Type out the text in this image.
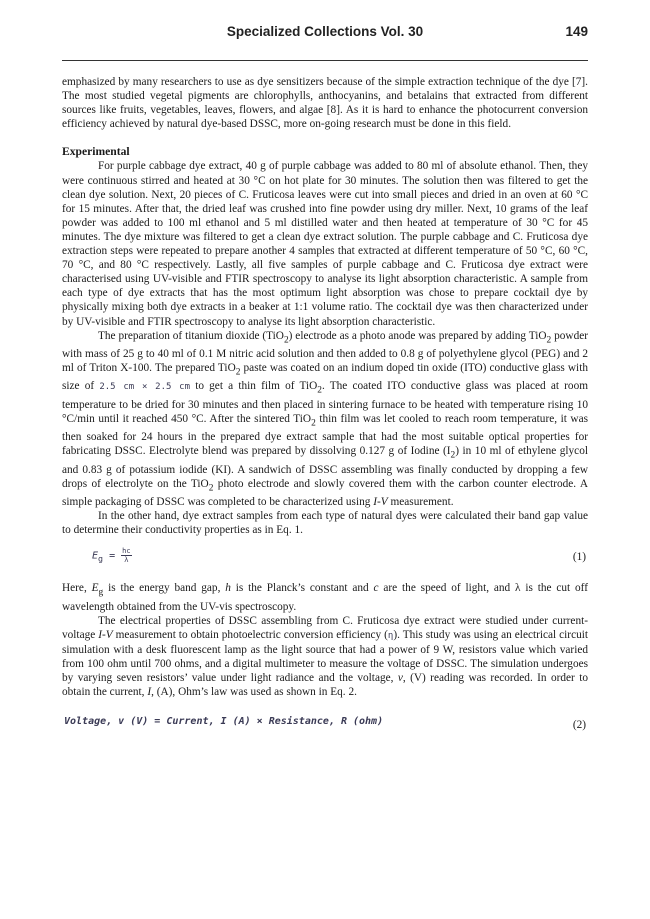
Specialized Collections Vol. 30	149

emphasized by many researchers to use as dye sensitizers because of the simple extraction technique of the dye [7]. The most studied vegetal pigments are chlorophylls, anthocyanins, and betalains that extracted from different sources like fruits, vegetables, leaves, flowers, and algae [8]. As it is hard to enhance the photocurrent conversion efficiency achieved by natural dye-based DSSC, more on-going research must be done in this field.

Experimental

For purple cabbage dye extract, 40 g of purple cabbage was added to 80 ml of absolute ethanol. Then, they were continuous stirred and heated at 30 °C on hot plate for 30 minutes. The solution then was filtered to get the clean dye solution. Next, 20 pieces of C. Fruticosa leaves were cut into small pieces and dried in an oven at 60 °C for 15 minutes. After that, the dried leaf was crushed into fine powder using dry miller. Next, 10 grams of the leaf powder was added to 100 ml ethanol and 5 ml distilled water and then heated at temperature of 30 °C for 45 minutes. The dye mixture was filtered to get a clean dye extract solution. The purple cabbage and C. Fruticosa dye extraction steps were repeated to prepare another 4 samples that extracted at different temperature of 50 °C, 60 °C, 70 °C, and 80 °C respectively. Lastly, all five samples of purple cabbage and C. Fruticosa dye extract were characterised using UV-visible and FTIR spectroscopy to analyse its light absorption characteristic. A sample from each type of dye extracts that has the most optimum light absorption was chose to prepare cocktail dye by physically mixing both dye extracts in a beaker at 1:1 volume ratio. The cocktail dye was then characterized under by UV-visible and FTIR spectroscopy to analyse its light absorption characteristic.

The preparation of titanium dioxide (TiO$_2$) electrode as a photo anode was prepared by adding TiO$_2$ powder with mass of 25 g to 40 ml of 0.1 M nitric acid solution and then added to 0.8 g of polyethylene glycol (PEG) and 2 ml of Triton X-100. The prepared TiO$_2$ paste was coated on an indium doped tin oxide (ITO) conductive glass with size of 2.5 cm × 2.5 cm to get a thin film of TiO$_2$. The coated ITO conductive glass was placed at room temperature to be dried for 30 minutes and then placed in sintering furnace to be heated with temperature rising 10 °C/min until it reached 450 °C. After the sintered TiO$_2$ thin film was let cooled to reach room temperature, it was then soaked for 24 hours in the prepared dye extract sample that had the most suitable optical properties for fabricating DSSC. Electrolyte blend was prepared by dissolving 0.127 g of Iodine $(I_2)$ in 10 ml of ethylene glycol and 0.83 g of potassium iodide (KI). A sandwich of DSSC assembling was finally conducted by dropping a few drops of electrolyte on the TiO$_2$ photo electrode and slowly covered them with the carbon counter electrode. A simple packaging of DSSC was completed to be characterized using I-V measurement.

In the other hand, dye extract samples from each type of natural dyes were calculated their band gap value to determine their conductivity properties as in Eq. 1.

$E_g = \frac{hc}{\lambda}$	(1)

Here, $E_g$ is the energy band gap, h is the Planck’s constant and c are the speed of light, and λ is the cut off wavelength obtained from the UV-vis spectroscopy.

The electrical properties of DSSC assembling from C. Fruticosa dye extract were studied under current-voltage I-V measurement to obtain photoelectric conversion efficiency (η). This study was using an electrical circuit simulation with a desk fluorescent lamp as the light source that had a power of 9 W, resistors value which varied from 100 ohm until 700 ohms, and a digital multimeter to measure the voltage of DSSC. The simulation undergoes by varying seven resistors’ value under light radiance and the voltage, v, (V) reading was recorded. In order to obtain the current, I, (A), Ohm’s law was used as shown in Eq. 2.

Voltage, v (V) = Current, I (A) × Resistance, R (ohm)	(2)
